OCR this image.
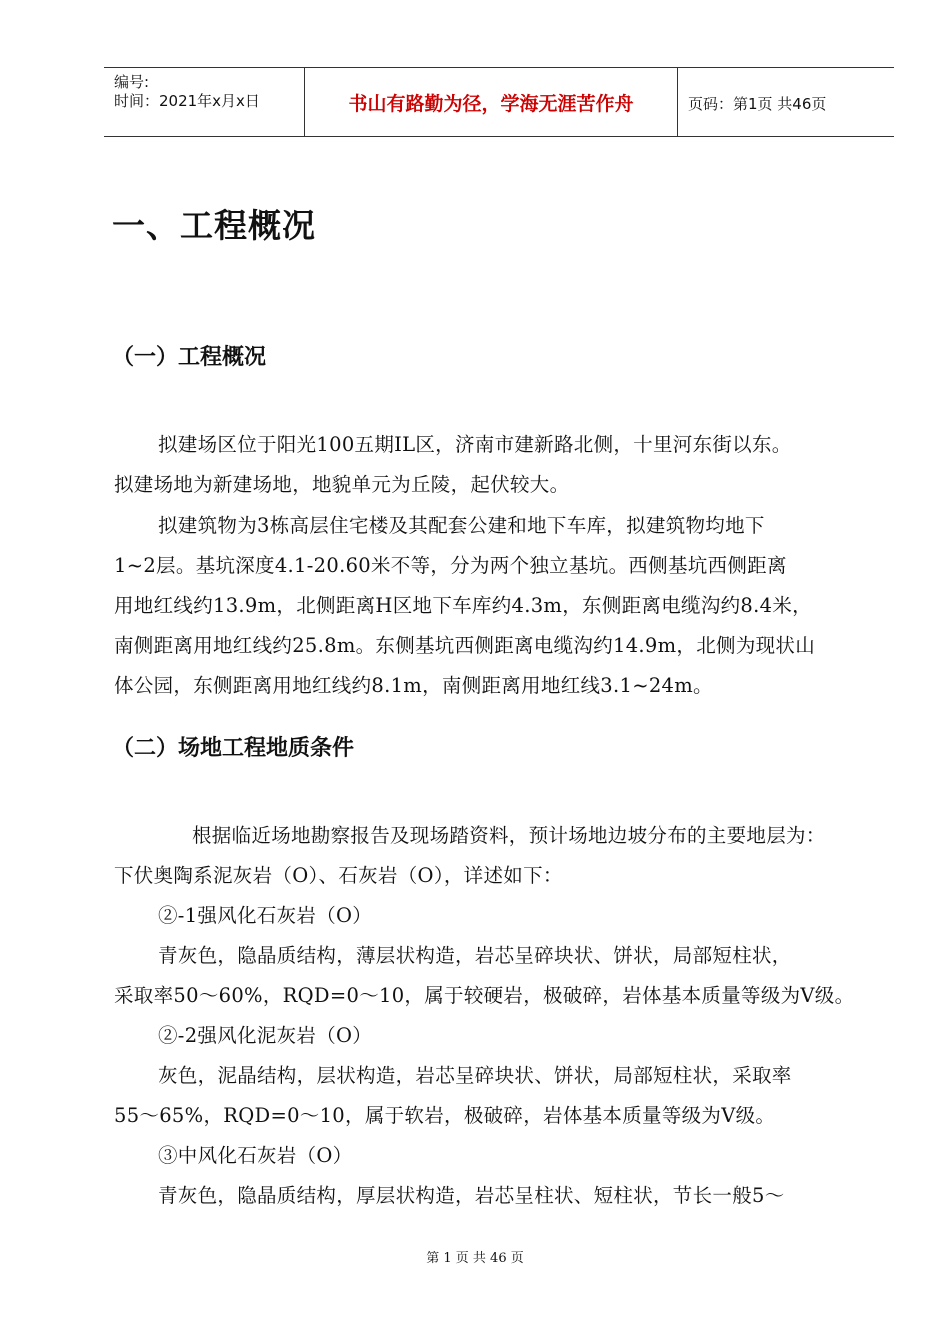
编号:
时间：2021年x月x日	书山有路勤为径，学海无涯苦作舟	页码：第1页 共46页
一、工程概况
（一）工程概况
拟建场区位于阳光100五期IL区，济南市建新路北侧，十里河东街以东。
拟建场地为新建场地，地貌单元为丘陵，起伏较大。
拟建筑物为3栋高层住宅楼及其配套公建和地下车库，拟建筑物均地下
1~2层。基坑深度4.1-20.60米不等，分为两个独立基坑。西侧基坑西侧距离
用地红线约13.9m，北侧距离H区地下车库约4.3m，东侧距离电缆沟约8.4米，
南侧距离用地红线约25.8m。东侧基坑西侧距离电缆沟约14.9m，北侧为现状山
体公园，东侧距离用地红线约8.1m，南侧距离用地红线3.1~24m。
（二）场地工程地质条件
根据临近场地勘察报告及现场踏资料，预计场地边坡分布的主要地层为：
下伏奥陶系泥灰岩（O）、石灰岩（O），详述如下：
②-1强风化石灰岩（O）
青灰色，隐晶质结构，薄层状构造，岩芯呈碎块状、饼状，局部短柱状，
采取率50～60%，RQD=0～10，属于较硬岩，极破碎，岩体基本质量等级为Ⅴ级。
②-2强风化泥灰岩（O）
灰色，泥晶结构，层状构造，岩芯呈碎块状、饼状，局部短柱状，采取率
55～65%，RQD=0～10，属于软岩，极破碎，岩体基本质量等级为Ⅴ级。
③中风化石灰岩（O）
青灰色，隐晶质结构，厚层状构造，岩芯呈柱状、短柱状，节长一般5～
第 1 页 共 46 页
